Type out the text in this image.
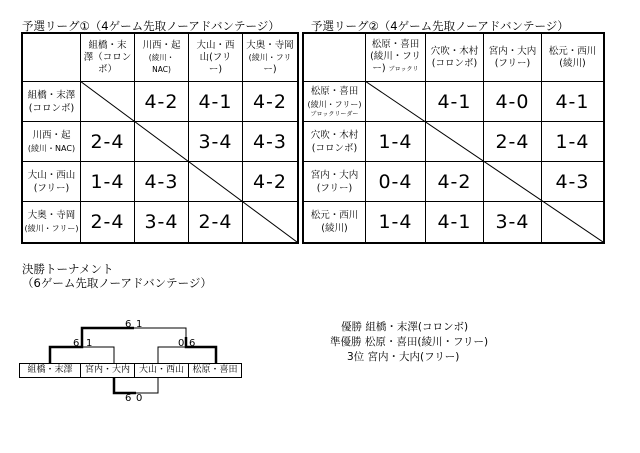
予選リーグ①（4ゲーム先取ノーアドバンテージ）
	組橋・末
澤（コロン
ボ）	川西・起
(綾川・
NAC)	大山・西
山(フリ
ー)	大奥・寺岡
(綾川・フリ
ー)
組橋・末澤
(コロンボ)		4-2	4-1	4-2
川西・起
(綾川・NAC)	2-4		3-4	4-3
大山・西山
(フリー)	1-4	4-3		4-2
大奥・寺岡
(綾川・フリー)	2-4	3-4	2-4	
予選リーグ②（4ゲーム先取ノーアドバンテージ）
	松原・喜田
(綾川・フリ
ー) ブロックリ	穴吹・木村
(コロンボ)	宮内・大内
(フリー)	松元・西川
(綾川)
松原・喜田
(綾川・フリー)
ブロックリーダー		4-1	4-0	4-1
穴吹・木村
(コロンボ)	1-4		2-4	1-4
宮内・大内
(フリー)	0-4	4-2		4-3
松元・西川
(綾川)	1-4	4-1	3-4	
決勝トーナメント
（6ゲーム先取ノーアドバンテージ）
組橋・末澤	宮内・大内 大山・西山 松原・喜田
6 1
6 1	0 6
6 0
優勝 組橋・末澤(コロンボ)
準優勝 松原・喜田(綾川・フリー)
3位 宮内・大内(フリー)
